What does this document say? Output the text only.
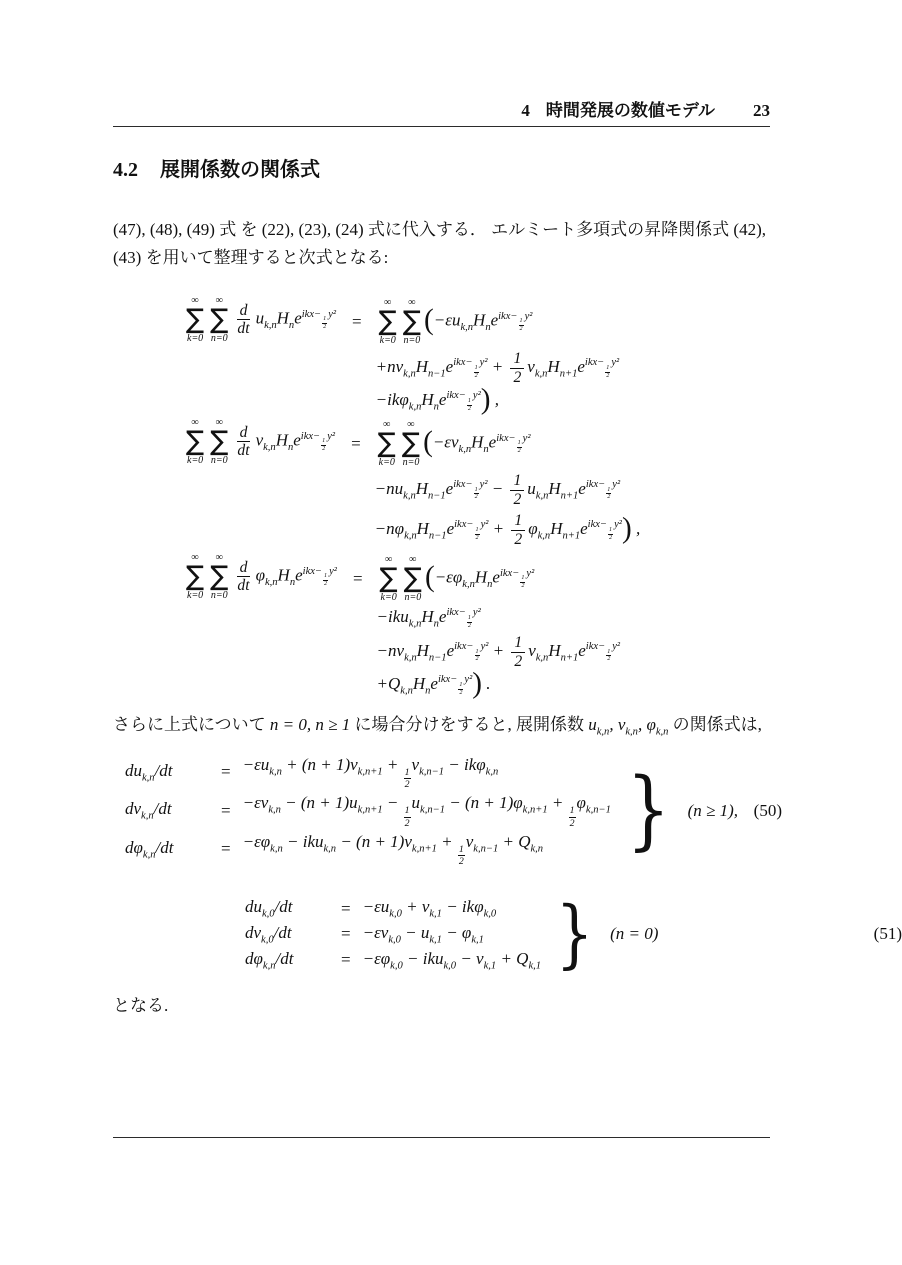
4 時間発展の数値モデル 23
4.2 展開係数の関係式

(47), (48), (49) 式 を (22), (23), (24) 式に代入する． エルミート多項式の昇降関係式 (42),
(43) を用いて整理すると次式となる:

∞
∑
k=0
∞
∑
n=0
$\frac{d}{dt} u_{k,n}H_ne^{ikx- \frac{1}{2} y^2}$ =
∞
∑
k=0
∞
∑
n=0
($-\varepsilon u_{k,n}H_ne^{ikx- \frac{1}{2} y^2}$
$+nv_{k,n}H_{n-1}e^{ikx- \frac{1}{2} y^2} + \frac{1}{2} v_{k,n}H_{n+1}e^{ikx- \frac{1}{2} y^2}$
$-ik\varphi_{k,n}H_ne^{ikx- \frac{1}{2} y^2}$) ,
∞
∑
k=0
∞
∑
n=0
$\frac{d}{dt} v_{k,n}H_ne^{ikx- \frac{1}{2} y^2}$ =
∞
∑
k=0
∞
∑
n=0
($-\varepsilon v_{k,n}H_ne^{ikx- \frac{1}{2} y^2}$
$-nu_{k,n}H_{n-1}e^{ikx- \frac{1}{2} y^2} - \frac{1}{2} u_{k,n}H_{n+1}e^{ikx- \frac{1}{2} y^2}$
$-n\varphi_{k,n}H_{n-1}e^{ikx- \frac{1}{2} y^2} + \frac{1}{2} \varphi_{k,n}H_{n+1}e^{ikx- \frac{1}{2} y^2}$) ,
∞
∑
k=0
∞
∑
n=0
$\frac{d}{dt} \varphi_{k,n}H_ne^{ikx- \frac{1}{2} y^2}$ =
∞
∑
k=0
∞
∑
n=0
($-\varepsilon\varphi_{k,n}H_ne^{ikx- \frac{1}{2} y^2}$
$-iku_{k,n}H_ne^{ikx- \frac{1}{2} y^2}$
$-nv_{k,n}H_{n-1}e^{ikx- \frac{1}{2} y^2} + \frac{1}{2} v_{k,n}H_{n+1}e^{ikx- \frac{1}{2} y^2}$
$+Q_{k,n}H_ne^{ikx- \frac{1}{2} y^2}$) .

さらに上式について n = 0, n ≥ 1 に場合分けをすると, 展開係数 $u_{k,n}$, $v_{k,n}$, $\varphi_{k,n}$ の関係式は,

$du_{k,n}/dt$	= $-\varepsilon u_{k,n} + (n + 1)v_{k,n+1}$ +
$\frac{1}{2}$
$v_{k,n-1} - ik\varphi_{k,n}$
$dv_{k,n}/dt$	= $-\varepsilon v_{k,n} - (n + 1)u_{k,n+1}$ −
$\frac{1}{2}$
$u_{k,n-1} - (n + 1)\varphi_{k,n+1}$ +
$\frac{1}{2}$
$\varphi_{k,n-1}$
$d\varphi_{k,n}/dt$	= $-\varepsilon\varphi_{k,n} - iku_{k,n} - (n + 1)v_{k,n+1}$ +
$\frac{1}{2}$
$v_{k,n-1} + Q_{k,n}$ } (n ≥ 1), (50)
$du_{k,0}/dt$	= $-\varepsilon u_{k,0} + v_{k,1} - ik\varphi_{k,0}$
$dv_{k,0}/dt$	= $-\varepsilon v_{k,0} - u_{k,1} - \varphi_{k,1}$
$d\varphi_{k,n}/dt$	= $-\varepsilon\varphi_{k,0} - iku_{k,0} - v_{k,1} + Q_{k,1}$ } (n = 0)	(51)

となる.
